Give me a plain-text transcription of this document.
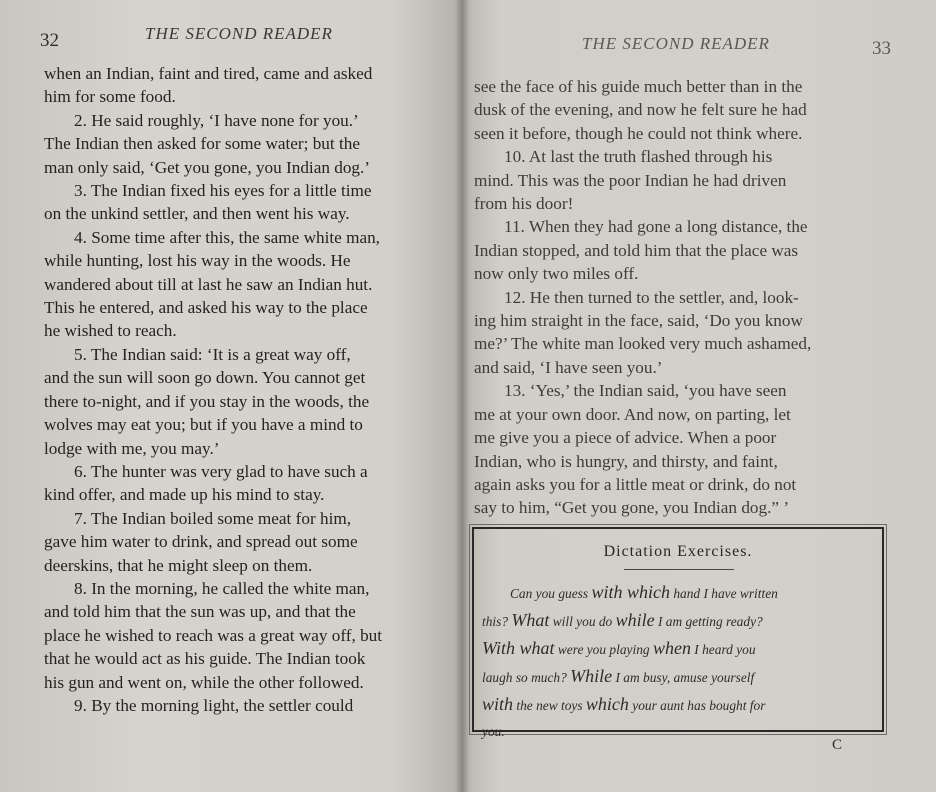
32	THE SECOND READER

when an Indian, faint and tired, came and asked
him for some food.

2. He said roughly, ‘I have none for you.’
The Indian then asked for some water; but the
man only said, ‘Get you gone, you Indian dog.’

3. The Indian fixed his eyes for a little time
on the unkind settler, and then went his way.

4. Some time after this, the same white man,
while hunting, lost his way in the woods. He
wandered about till at last he saw an Indian hut.
This he entered, and asked his way to the place
he wished to reach.

5. The Indian said: ‘It is a great way off,
and the sun will soon go down. You cannot get
there to-night, and if you stay in the woods, the
wolves may eat you; but if you have a mind to
lodge with me, you may.’

6. The hunter was very glad to have such a
kind offer, and made up his mind to stay.

7. The Indian boiled some meat for him,
gave him water to drink, and spread out some
deerskins, that he might sleep on them.

8. In the morning, he called the white man,
and told him that the sun was up, and that the
place he wished to reach was a great way off, but
that he would act as his guide. The Indian took
his gun and went on, while the other followed.

9. By the morning light, the settler could

THE SECOND READER	33

see the face of his guide much better than in the
dusk of the evening, and now he felt sure he had
seen it before, though he could not think where.

10. At last the truth flashed through his
mind. This was the poor Indian he had driven
from his door!

11. When they had gone a long distance, the
Indian stopped, and told him that the place was
now only two miles off.

12. He then turned to the settler, and, look-
ing him straight in the face, said, ‘Do you know
me?’ The white man looked very much ashamed,
and said, ‘I have seen you.’

13. ‘Yes,’ the Indian said, ‘you have seen
me at your own door. And now, on parting, let
me give you a piece of advice. When a poor
Indian, who is hungry, and thirsty, and faint,
again asks you for a little meat or drink, do not
say to him, “Get you gone, you Indian dog.” ’

Dictation Exercises.
Can you guess with which hand I have written
this? What will you do while I am getting ready?
With what were you playing when I heard you
laugh so much? While I am busy, amuse yourself
with the new toys which your aunt has bought for
you.
C
